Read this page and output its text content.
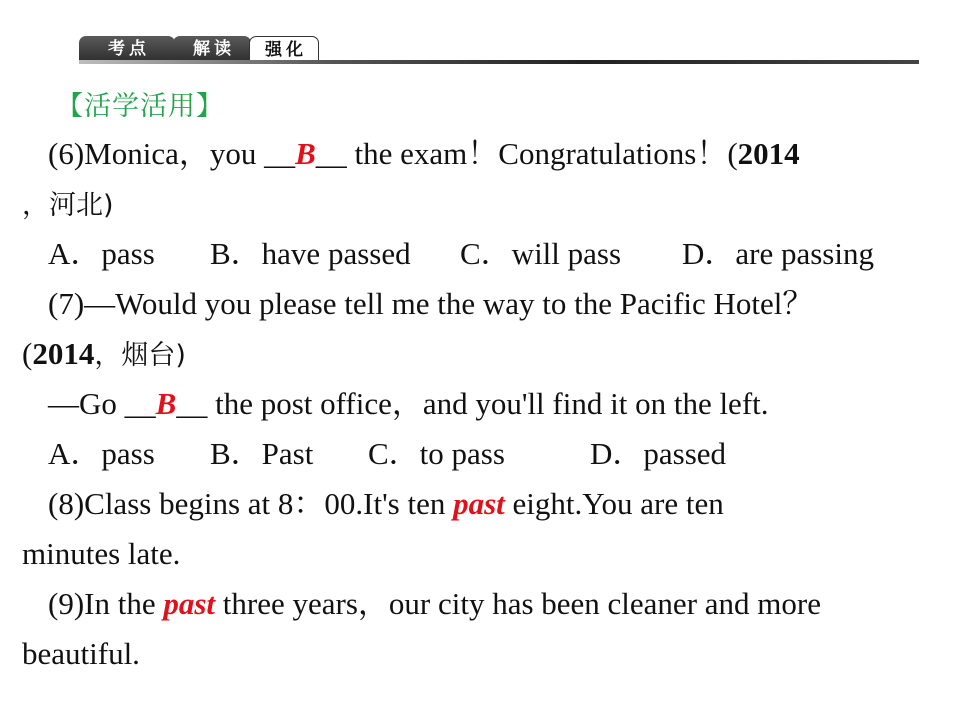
考点	解读	强化
【活学活用】
(6)Monica，you __B__ the exam！Congratulations！(2014
，河北)
A．pass B．have passed C．will pass D．are passing
(7)―Would you please tell me the way to the Pacific Hotel？
(2014，烟台)
—Go __B__ the post office，and you'll find it on the left.
A．pass B．Past C．to pass	D．passed
(8)Class begins at 8：00.It's ten past eight.You are ten
minutes late.
(9)In the past three years，our city has been cleaner and more
beautiful.
